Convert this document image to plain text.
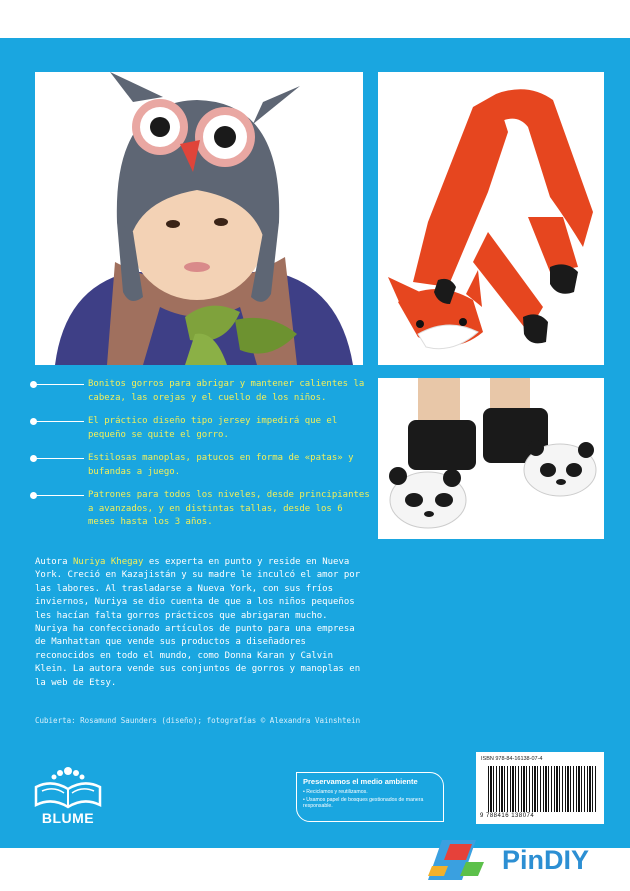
Bonitos gorros para abrigar y mantener calientes la cabeza, las orejas y el cuello de los niños.
El práctico diseño tipo jersey impedirá que el pequeño se quite el gorro.
Estilosas manoplas, patucos en forma de «patas» y bufandas a juego.
Patrones para todos los niveles, desde principiantes a avanzados, y en distintas tallas, desde los 6 meses hasta los 3 años.

Autora Nuriya Khegay es experta en punto y reside en Nueva York. Creció en Kazajistán y su madre le inculcó el amor por las labores. Al trasladarse a Nueva York, con sus fríos inviernos, Nuriya se dio cuenta de que a los niños pequeños les hacían falta gorros prácticos que abrigaran mucho. Nuriya ha confeccionado artículos de punto para una empresa de Manhattan que vende sus productos a diseñadores reconocidos en todo el mundo, como Donna Karan y Calvin Klein. La autora vende sus conjuntos de gorros y manoplas en la web de Etsy.

Cubierta: Rosamund Saunders (diseño); fotografías © Alexandra Vainshtein
BLUME
Preservamos el medio ambiente
• Reciclamos y reutilizamos.
• Usamos papel de bosques gestionados de manera responsable.
ISBN 978-84-16138-07-4
9 788416 138074
PinDIY
